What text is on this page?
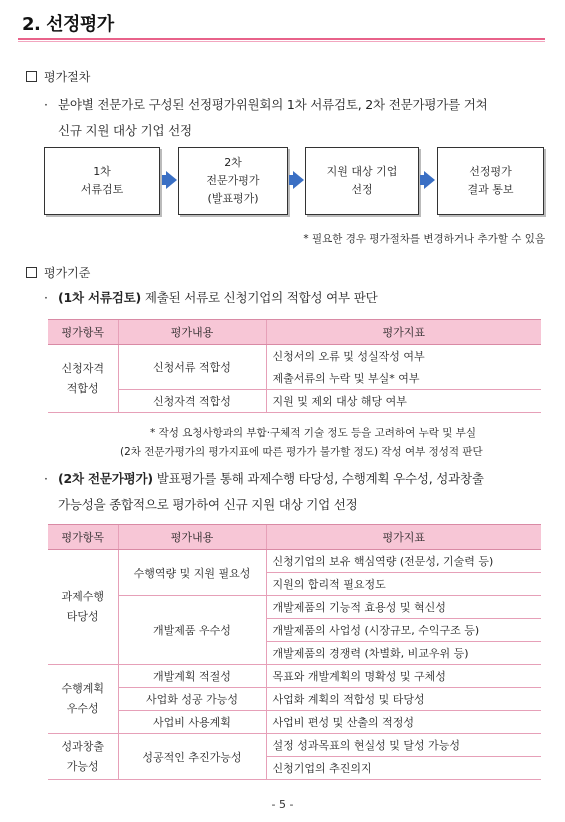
2. 선정평가
평가절차
· 분야별 전문가로 구성된 선정평가위원회의 1차 서류검토, 2차 전문가평가를 거쳐
신규 지원 대상 기업 선정
1차
서류검토
2차
전문가평가
(발표평가)
지원 대상 기업
선정
선정평가
결과 통보
* 필요한 경우 평가절차를 변경하거나 추가할 수 있음
평가기준
· (1차 서류검토) 제출된 서류로 신청기업의 적합성 여부 판단
평가항목	평가내용	평가지표

신청자격
적합성	신청서류 적합성	신청서의 오류 및 성실작성 여부
		제출서류의 누락 및 부실* 여부
	신청자격 적합성	지원 및 제외 대상 해당 여부
* 작성 요청사항과의 부합·구체적 기술 정도 등을 고려하여 누락 및 부실
(2차 전문가평가의 평가지표에 따른 평가가 불가할 정도) 작성 여부 정성적 판단
· (2차 전문가평가) 발표평가를 통해 과제수행 타당성, 수행계획 우수성, 성과창출
가능성을 종합적으로 평가하여 신규 지원 대상 기업 선정
평가항목	평가내용	평가지표

과제수행
타당성	수행역량 및 지원 필요성	신청기업의 보유 핵심역량 (전문성, 기술력 등)
		지원의 합리적 필요정도
	개발제품 우수성	개발제품의 기능적 효용성 및 혁신성
		개발제품의 사업성 (시장규모, 수익구조 등)
		개발제품의 경쟁력 (차별화, 비교우위 등)

수행계획
우수성	개발계획 적절성	목표와 개발계획의 명확성 및 구체성
	사업화 성공 가능성	사업화 계획의 적합성 및 타당성
	사업비 사용계획	사업비 편성 및 산출의 적정성

성과창출
가능성	성공적인 추진가능성	설정 성과목표의 현실성 및 달성 가능성
		신청기업의 추진의지
- 5 -
